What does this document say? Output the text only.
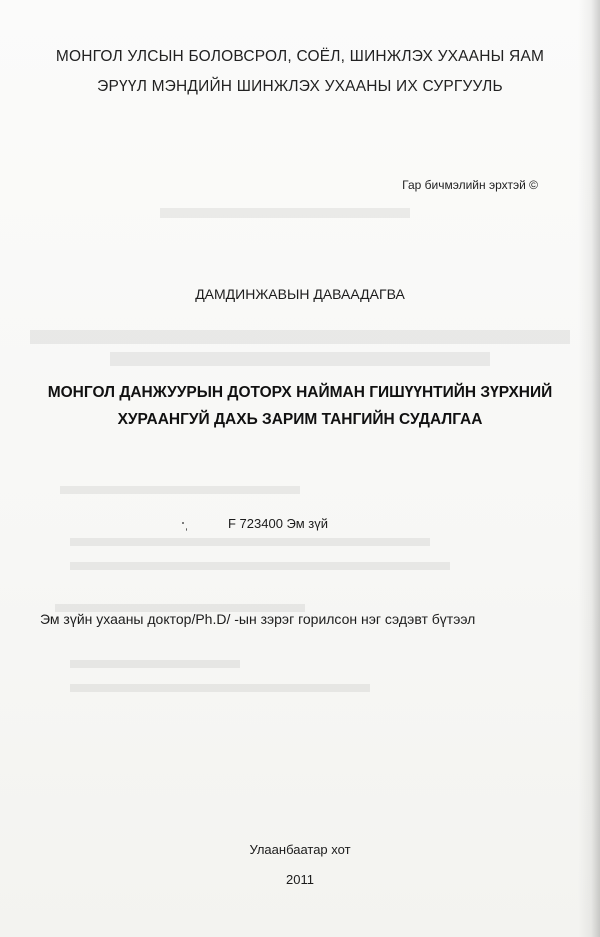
МОНГОЛ УЛСЫН БОЛОВСРОЛ, СОЁЛ, ШИНЖЛЭХ УХААНЫ ЯАМ
ЭРҮҮЛ МЭНДИЙН ШИНЖЛЭХ УХААНЫ ИХ СУРГУУЛЬ
Гар бичмэлийн эрхтэй ©
ДАМДИНЖАВЫН ДАВААДАГВА
МОНГОЛ ДАНЖУУРЫН ДОТОРХ НАЙМАН ГИШҮҮНТИЙН ЗҮРХНИЙ
ХУРААНГУЙ ДАХЬ ЗАРИМ ТАНГИЙН СУДАЛГАА
F 723400 Эм зүй
Эм зүйн ухааны доктор/Ph.D/ -ын зэрэг горилсон нэг сэдэвт бүтээл
Улаанбаатар хот
2011
